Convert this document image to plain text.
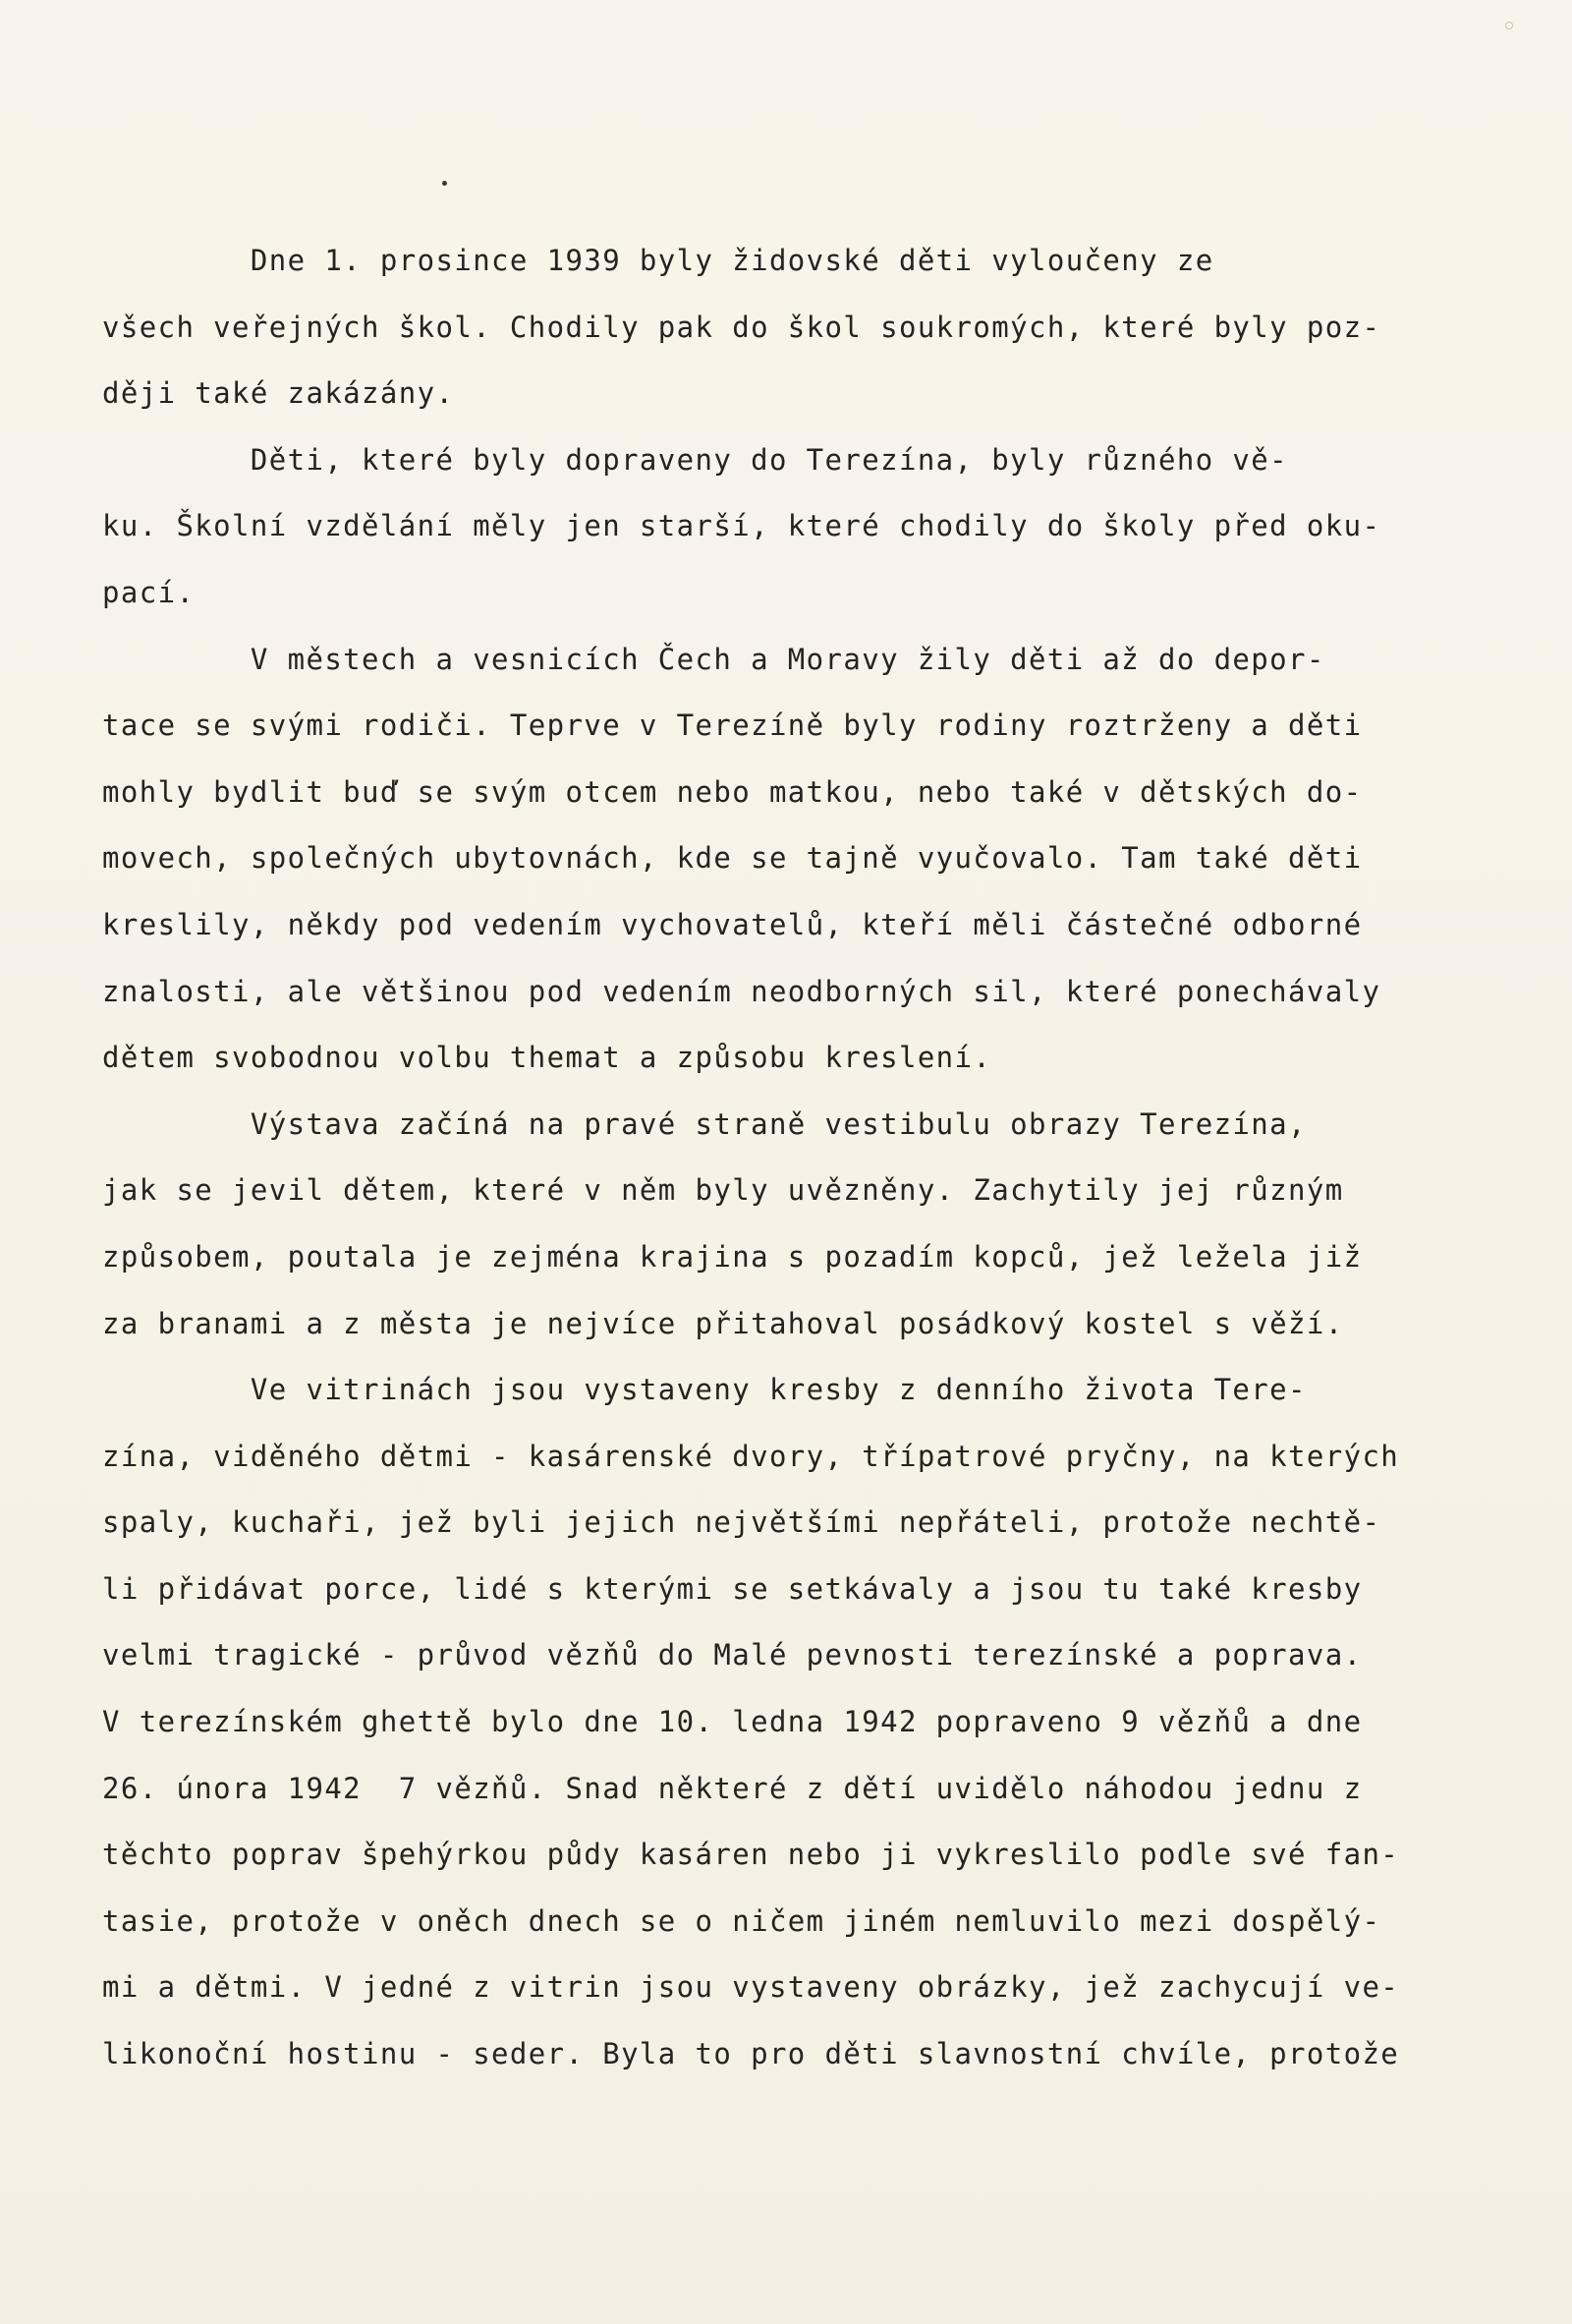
Dne 1. prosince 1939 byly židovské děti vyloučeny ze
všech veřejných škol. Chodily pak do škol soukromých, které byly poz-
ději také zakázány.
Děti, které byly dopraveny do Terezína, byly různého vě-
ku. Školní vzdělání měly jen starší, které chodily do školy před oku-
pací.
V městech a vesnicích Čech a Moravy žily děti až do depor-
tace se svými rodiči. Teprve v Terezíně byly rodiny roztrženy a děti
mohly bydlit buď se svým otcem nebo matkou, nebo také v dětských do-
movech, společných ubytovnách, kde se tajně vyučovalo. Tam také děti
kreslily, někdy pod vedením vychovatelů, kteří měli částečné odborné
znalosti, ale většinou pod vedením neodborných sil, které ponechávaly
dětem svobodnou volbu themat a způsobu kreslení.
Výstava začíná na pravé straně vestibulu obrazy Terezína,
jak se jevil dětem, které v něm byly uvězněny. Zachytily jej různým
způsobem, poutala je zejména krajina s pozadím kopců, jež ležela již
za branami a z města je nejvíce přitahoval posádkový kostel s věží.
Ve vitrinách jsou vystaveny kresby z denního života Tere-
zína, viděného dětmi - kasárenské dvory, třípatrové pryčny, na kterých
spaly, kuchaři, jež byli jejich největšími nepřáteli, protože nechtě-
li přidávat porce, lidé s kterými se setkávaly a jsou tu také kresby
velmi tragické - průvod vězňů do Malé pevnosti terezínské a poprava.
V terezínském ghettě bylo dne 10. ledna 1942 popraveno 9 vězňů a dne
26. února 1942  7 vězňů. Snad některé z dětí uvidělo náhodou jednu z
těchto poprav špehýrkou půdy kasáren nebo ji vykreslilo podle své fan-
tasie, protože v oněch dnech se o ničem jiném nemluvilo mezi dospělý-
mi a dětmi. V jedné z vitrin jsou vystaveny obrázky, jež zachycují ve-
likonoční hostinu - seder. Byla to pro děti slavnostní chvíle, protože
